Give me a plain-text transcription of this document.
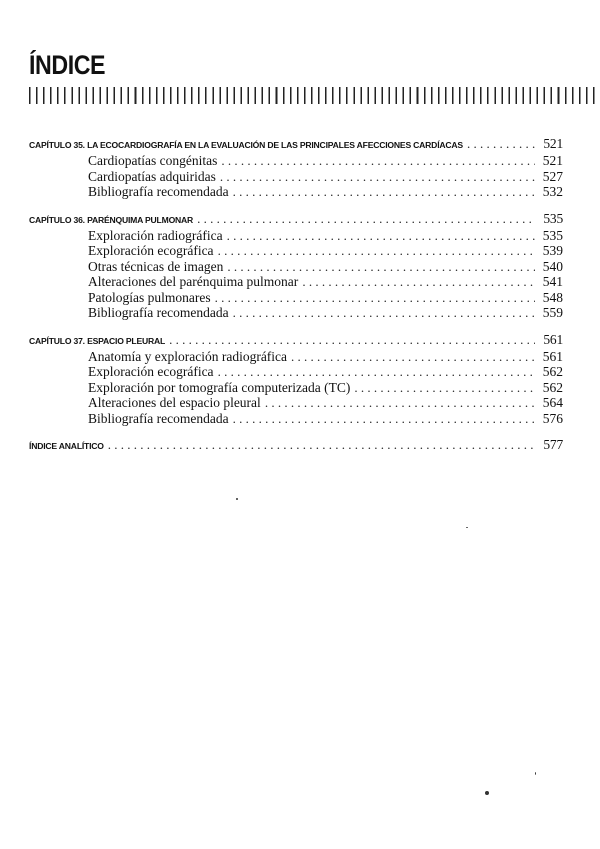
ÍNDICE
CAPÍTULO 35.
LA ECOCARDIOGRAFÍA EN LA EVALUACIÓN DE LAS PRINCIPALES AFECCIONES CARDÍACAS . . .	521
Cardiopatías congénitas . . .	521
Cardiopatías adquiridas . . .	527
Bibliografía recomendada . . .	532
CAPÍTULO 36.
PARÉNQUIMA PULMONAR . . .	535
Exploración radiográfica . . .	535
Exploración ecográfica . . .	539
Otras técnicas de imagen . . .	540
Alteraciones del parénquima pulmonar . . .	541
Patologías pulmonares . . .	548
Bibliografía recomendada . . .	559
CAPÍTULO 37.
ESPACIO PLEURAL . . .	561
Anatomía y exploración radiográfica . . .	561
Exploración ecográfica . . .	562
Exploración por tomografía computerizada (TC) . . .	562
Alteraciones del espacio pleural . . .	564
Bibliografía recomendada . . .	576
ÍNDICE ANALÍTICO . . .	577
